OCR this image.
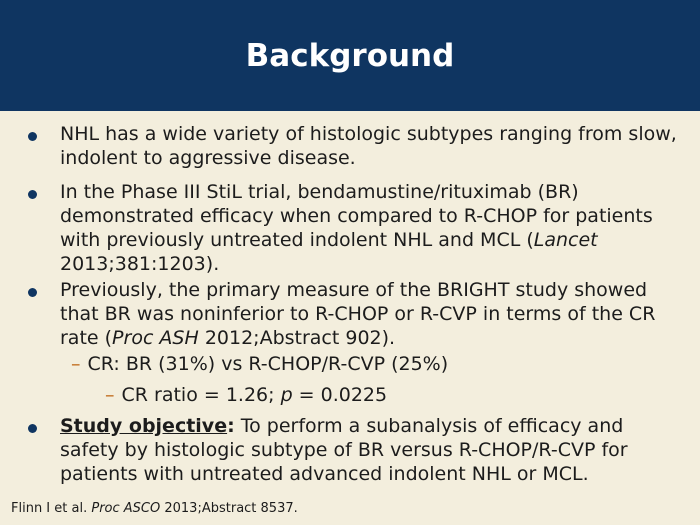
Background
NHL has a wide variety of histologic subtypes ranging from slow, indolent to aggressive disease.
In the Phase III StiL trial, bendamustine/rituximab (BR) demonstrated efficacy when compared to R-CHOP for patients with previously untreated indolent NHL and MCL (Lancet 2013;381:1203).
Previously, the primary measure of the BRIGHT study showed that BR was noninferior to R-CHOP or R-CVP in terms of the CR rate (Proc ASH 2012;Abstract 902).
– CR: BR (31%) vs R-CHOP/R-CVP (25%)
– CR ratio = 1.26; p = 0.0225
Study objective: To perform a subanalysis of efficacy and safety by histologic subtype of BR versus R-CHOP/R-CVP for patients with untreated advanced indolent NHL or MCL.
Flinn I et al. Proc ASCO 2013;Abstract 8537.
